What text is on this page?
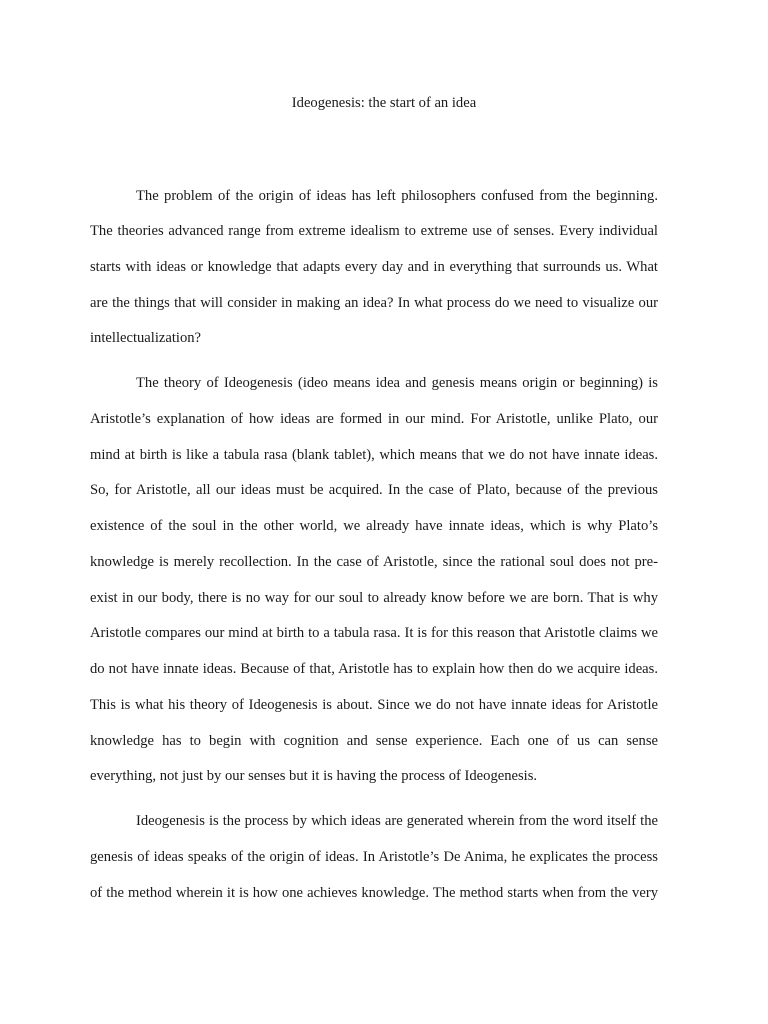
Ideogenesis: the start of an idea
The problem of the origin of ideas has left philosophers confused from the beginning.
The theories advanced range from extreme idealism to extreme use of senses. Every individual
starts with ideas or knowledge that adapts every day and in everything that surrounds us. What
are the things that will consider in making an idea? In what process do we need to visualize our
intellectualization?
The theory of Ideogenesis (ideo means idea and genesis means origin or beginning) is
Aristotle’s explanation of how ideas are formed in our mind. For Aristotle, unlike Plato, our
mind at birth is like a tabula rasa (blank tablet), which means that we do not have innate ideas.
So, for Aristotle, all our ideas must be acquired. In the case of Plato, because of the previous
existence of the soul in the other world, we already have innate ideas, which is why Plato’s
knowledge is merely recollection. In the case of Aristotle, since the rational soul does not pre-
exist in our body, there is no way for our soul to already know before we are born. That is why
Aristotle compares our mind at birth to a tabula rasa. It is for this reason that Aristotle claims we
do not have innate ideas. Because of that, Aristotle has to explain how then do we acquire ideas.
This is what his theory of Ideogenesis is about. Since we do not have innate ideas for Aristotle
knowledge has to begin with cognition and sense experience. Each one of us can sense
everything, not just by our senses but it is having the process of Ideogenesis.
Ideogenesis is the process by which ideas are generated wherein from the word itself the
genesis of ideas speaks of the origin of ideas. In Aristotle’s De Anima, he explicates the process
of the method wherein it is how one achieves knowledge. The method starts when from the very
